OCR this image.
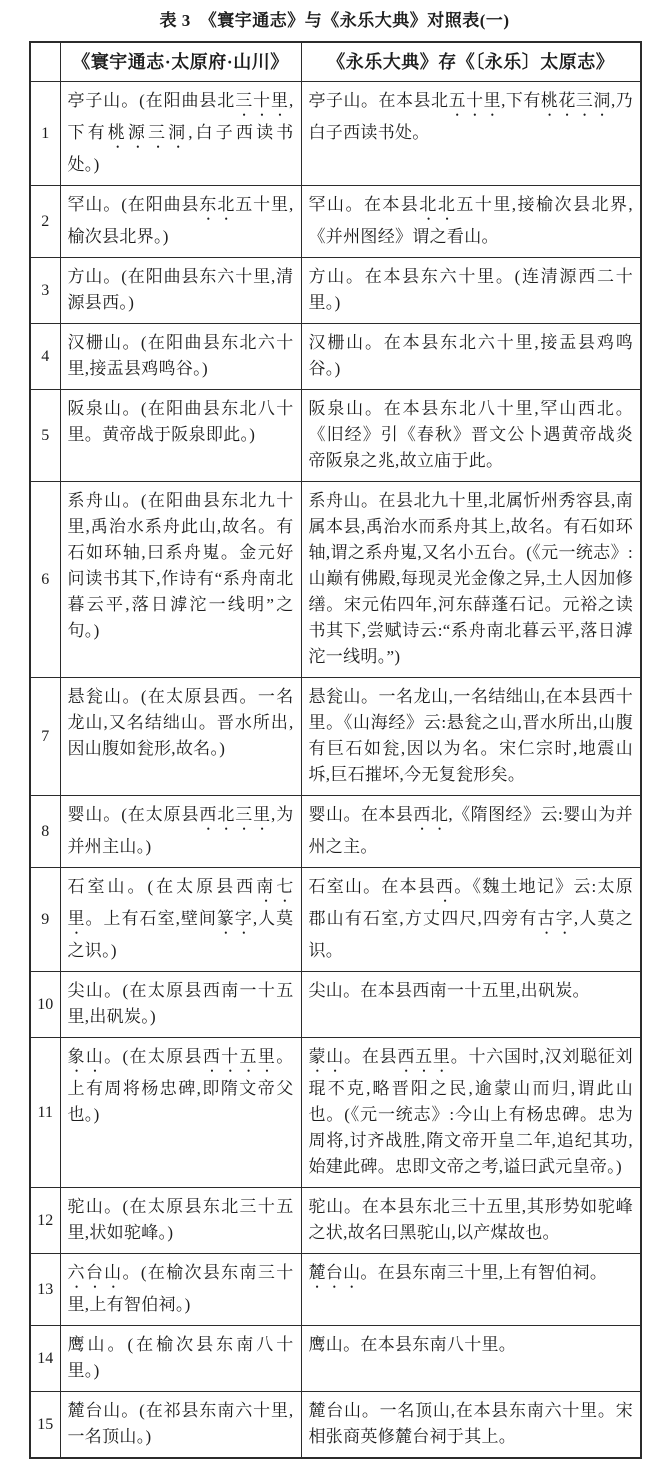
表 3　《寰宇通志》与《永乐大典》对照表(一)
	《寰宇通志·太原府·山川》	《永乐大典》存《〔永乐〕太原志》
1	亭子山。(在阳曲县北三十里,下有桃源三洞,白子西读书处。)	亭子山。在本县北五十里,下有桃花三洞,乃白子西读书处。
2	罕山。(在阳曲县东北五十里,榆次县北界。)	罕山。在本县北北五十里,接榆次县北界,《并州图经》谓之看山。
3	方山。(在阳曲县东六十里,清源县西。)	方山。在本县东六十里。(连清源西二十里。)
4	汉栅山。(在阳曲县东北六十里,接盂县鸡鸣谷。)	汉栅山。在本县东北六十里,接盂县鸡鸣谷。)
5	阪泉山。(在阳曲县东北八十里。黄帝战于阪泉即此。)	阪泉山。在本县东北八十里,罕山西北。《旧经》引《春秋》晋文公卜遇黄帝战炎帝阪泉之兆,故立庙于此。
6	系舟山。(在阳曲县东北九十里,禹治水系舟此山,故名。有石如环轴,曰系舟嵬。金元好问读书其下,作诗有“系舟南北暮云平,落日滹沱一线明”之句。)	系舟山。在县北九十里,北属忻州秀容县,南属本县,禹治水而系舟其上,故名。有石如环轴,谓之系舟嵬,又名小五台。(《元一统志》:山巅有佛殿,每现灵光金像之异,土人因加修缮。宋元佑四年,河东薛蓬石记。元裕之读书其下,尝赋诗云:“系舟南北暮云平,落日滹沱一线明。”)
7	悬瓮山。(在太原县西。一名龙山,又名结绌山。晋水所出,因山腹如瓮形,故名。)	悬瓮山。一名龙山,一名结绌山,在本县西十里。《山海经》云:悬瓮之山,晋水所出,山腹有巨石如瓮,因以为名。宋仁宗时,地震山坼,巨石摧坏,今无复瓮形矣。
8	婴山。(在太原县西北三里,为并州主山。)	婴山。在本县西北,《隋图经》云:婴山为并州之主。
9	石室山。(在太原县西南七里。上有石室,壁间篆字,人莫之识。)	石室山。在本县西。《魏土地记》云:太原郡山有石室,方丈四尺,四旁有古字,人莫之识。
10	尖山。(在太原县西南一十五里,出矾炭。)	尖山。在本县西南一十五里,出矾炭。
11	象山。(在太原县西十五里。上有周将杨忠碑,即隋文帝父也。)	蒙山。在县西五里。十六国时,汉刘聪征刘琨不克,略晋阳之民,逾蒙山而归,谓此山也。(《元一统志》:今山上有杨忠碑。忠为周将,讨齐战胜,隋文帝开皇二年,追纪其功,始建此碑。忠即文帝之考,谥曰武元皇帝。)
12	驼山。(在太原县东北三十五里,状如驼峰。)	驼山。在本县东北三十五里,其形势如驼峰之状,故名曰黑驼山,以产煤故也。
13	六台山。(在榆次县东南三十里,上有智伯祠。)	麓台山。在县东南三十里,上有智伯祠。
14	鹰山。(在榆次县东南八十里。)	鹰山。在本县东南八十里。
15	麓台山。(在祁县东南六十里,一名顶山。)	麓台山。一名顶山,在本县东南六十里。宋相张商英修麓台祠于其上。
